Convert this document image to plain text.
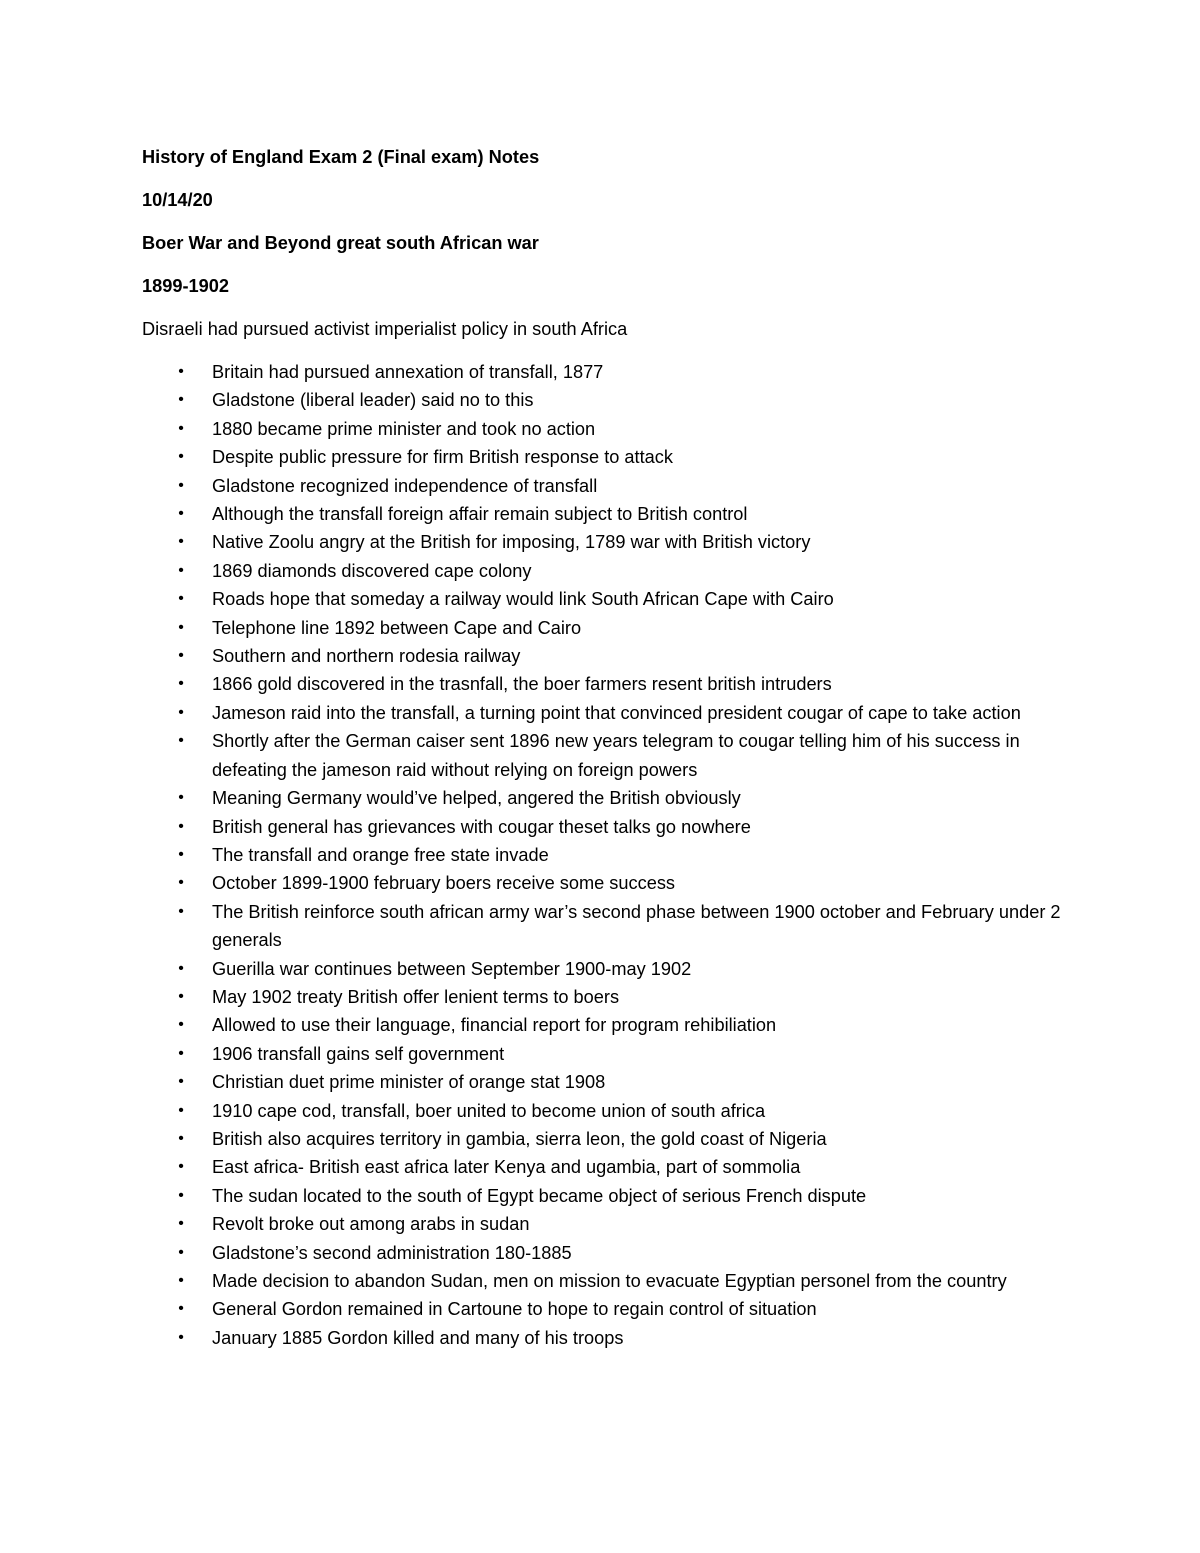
History of England Exam 2 (Final exam) Notes
10/14/20
Boer War and Beyond great south African war
1899-1902
Disraeli had pursued activist imperialist policy in south Africa
• Britain had pursued annexation of transfall, 1877
• Gladstone (liberal leader) said no to this
• 1880 became prime minister and took no action
• Despite public pressure for firm British response to attack
• Gladstone recognized independence of transfall
• Although the transfall foreign affair remain subject to British control
• Native Zoolu angry at the British for imposing, 1789 war with British victory
• 1869 diamonds discovered cape colony
• Roads hope that someday a railway would link South African Cape with Cairo
• Telephone line 1892 between Cape and Cairo
• Southern and northern rodesia railway
• 1866 gold discovered in the trasnfall, the boer farmers resent british intruders
• Jameson raid into the transfall, a turning point that convinced president cougar of cape to take action
• Shortly after the German caiser sent 1896 new years telegram to cougar telling him of his success in defeating the jameson raid without relying on foreign powers
• Meaning Germany would’ve helped, angered the British obviously
• British general has grievances with cougar theset talks go nowhere
• The transfall and orange free state invade
• October 1899-1900 february boers receive some success
• The British reinforce south african army war’s second phase between 1900 october and February under 2 generals
• Guerilla war continues between September 1900-may 1902
• May 1902 treaty British offer lenient terms to boers
• Allowed to use their language, financial report for program rehibiliation
• 1906 transfall gains self government
• Christian duet prime minister of orange stat 1908
• 1910 cape cod, transfall, boer united to become union of south africa
• British also acquires territory in gambia, sierra leon, the gold coast of Nigeria
• East africa- British east africa later Kenya and ugambia, part of sommolia
• The sudan located to the south of Egypt became object of serious French dispute
• Revolt broke out among arabs in sudan
• Gladstone’s second administration 180-1885
• Made decision to abandon Sudan, men on mission to evacuate Egyptian personel from the country
• General Gordon remained in Cartoune to hope to regain control of situation
• January 1885 Gordon killed and many of his troops
